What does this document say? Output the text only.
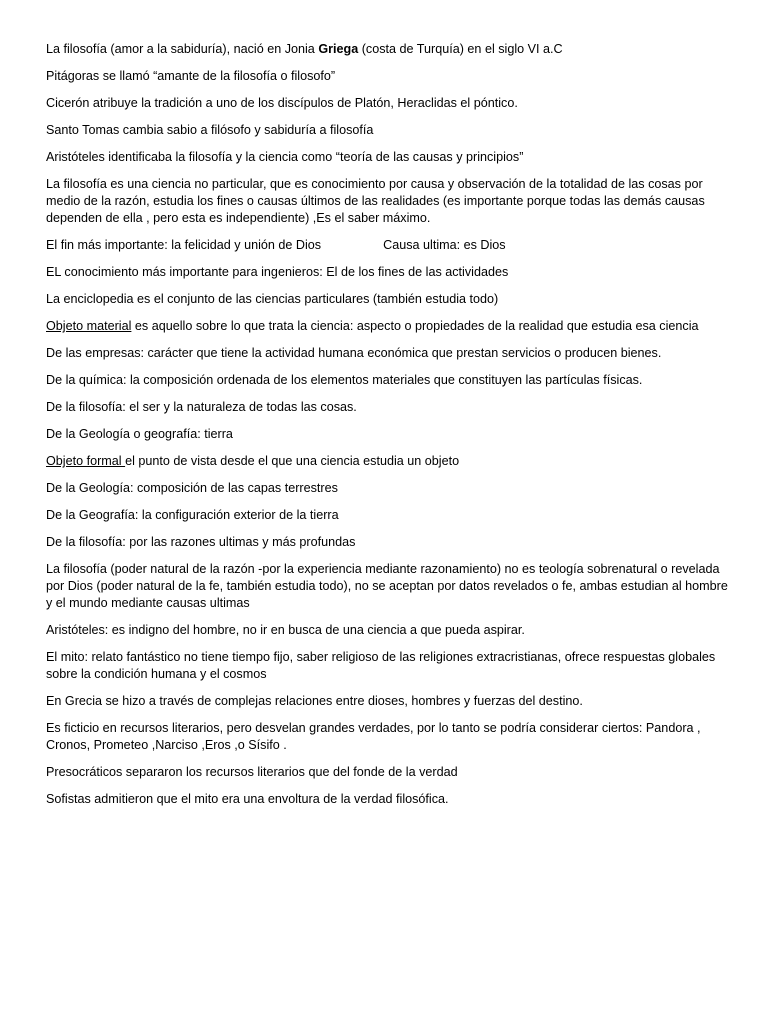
La filosofía (amor a la sabiduría), nació en Jonia Griega (costa de Turquía) en el siglo VI a.C

Pitágoras se llamó “amante de la filosofía o filosofo”

Cicerón atribuye la tradición a uno de los discípulos de Platón, Heraclidas el póntico.

Santo Tomas cambia sabio a filósofo y sabiduría a filosofía

Aristóteles identificaba la filosofía y la ciencia como “teoría de las causas y principios”

La filosofía es una ciencia no particular, que es conocimiento por causa y observación de la totalidad de las cosas por medio de la razón, estudia los fines o causas últimos de las realidades (es importante porque todas las demás causas dependen de ella , pero esta es independiente) ,Es el saber máximo.

El fin más importante: la felicidad y unión de Dios	Causa ultima: es Dios

EL conocimiento más importante para ingenieros: El de los fines de las actividades

La enciclopedia es el conjunto de las ciencias particulares (también estudia todo)

Objeto material es aquello sobre lo que trata la ciencia: aspecto o propiedades de la realidad que estudia esa ciencia

De las empresas: carácter que tiene la actividad humana económica que prestan servicios o producen bienes.

De la química: la composición ordenada de los elementos materiales que constituyen las partículas físicas.

De la filosofía: el ser y la naturaleza de todas las cosas.

De la Geología o geografía: tierra

Objeto formal el punto de vista desde el que una ciencia estudia un objeto

De la Geología: composición de las capas terrestres

De la Geografía: la configuración exterior de la tierra

De la filosofía: por las razones ultimas y más profundas

La filosofía (poder natural de la razón -por la experiencia mediante razonamiento) no es teología sobrenatural o revelada por Dios (poder natural de la fe, también estudia todo), no se aceptan por datos revelados o fe, ambas estudian al hombre y el mundo mediante causas ultimas

Aristóteles: es indigno del hombre, no ir en busca de una ciencia a que pueda aspirar.

El mito: relato fantástico no tiene tiempo fijo, saber religioso de las religiones extracristianas, ofrece respuestas globales sobre la condición humana y el cosmos

En Grecia se hizo a través de complejas relaciones entre dioses, hombres y fuerzas del destino.

Es ficticio en recursos literarios, pero desvelan grandes verdades, por lo tanto se podría considerar ciertos: Pandora , Cronos, Prometeo ,Narciso ,Eros ,o Sísifo .

Presocráticos separaron los recursos literarios que del fonde de la verdad

Sofistas admitieron que el mito era una envoltura de la verdad filosófica.
